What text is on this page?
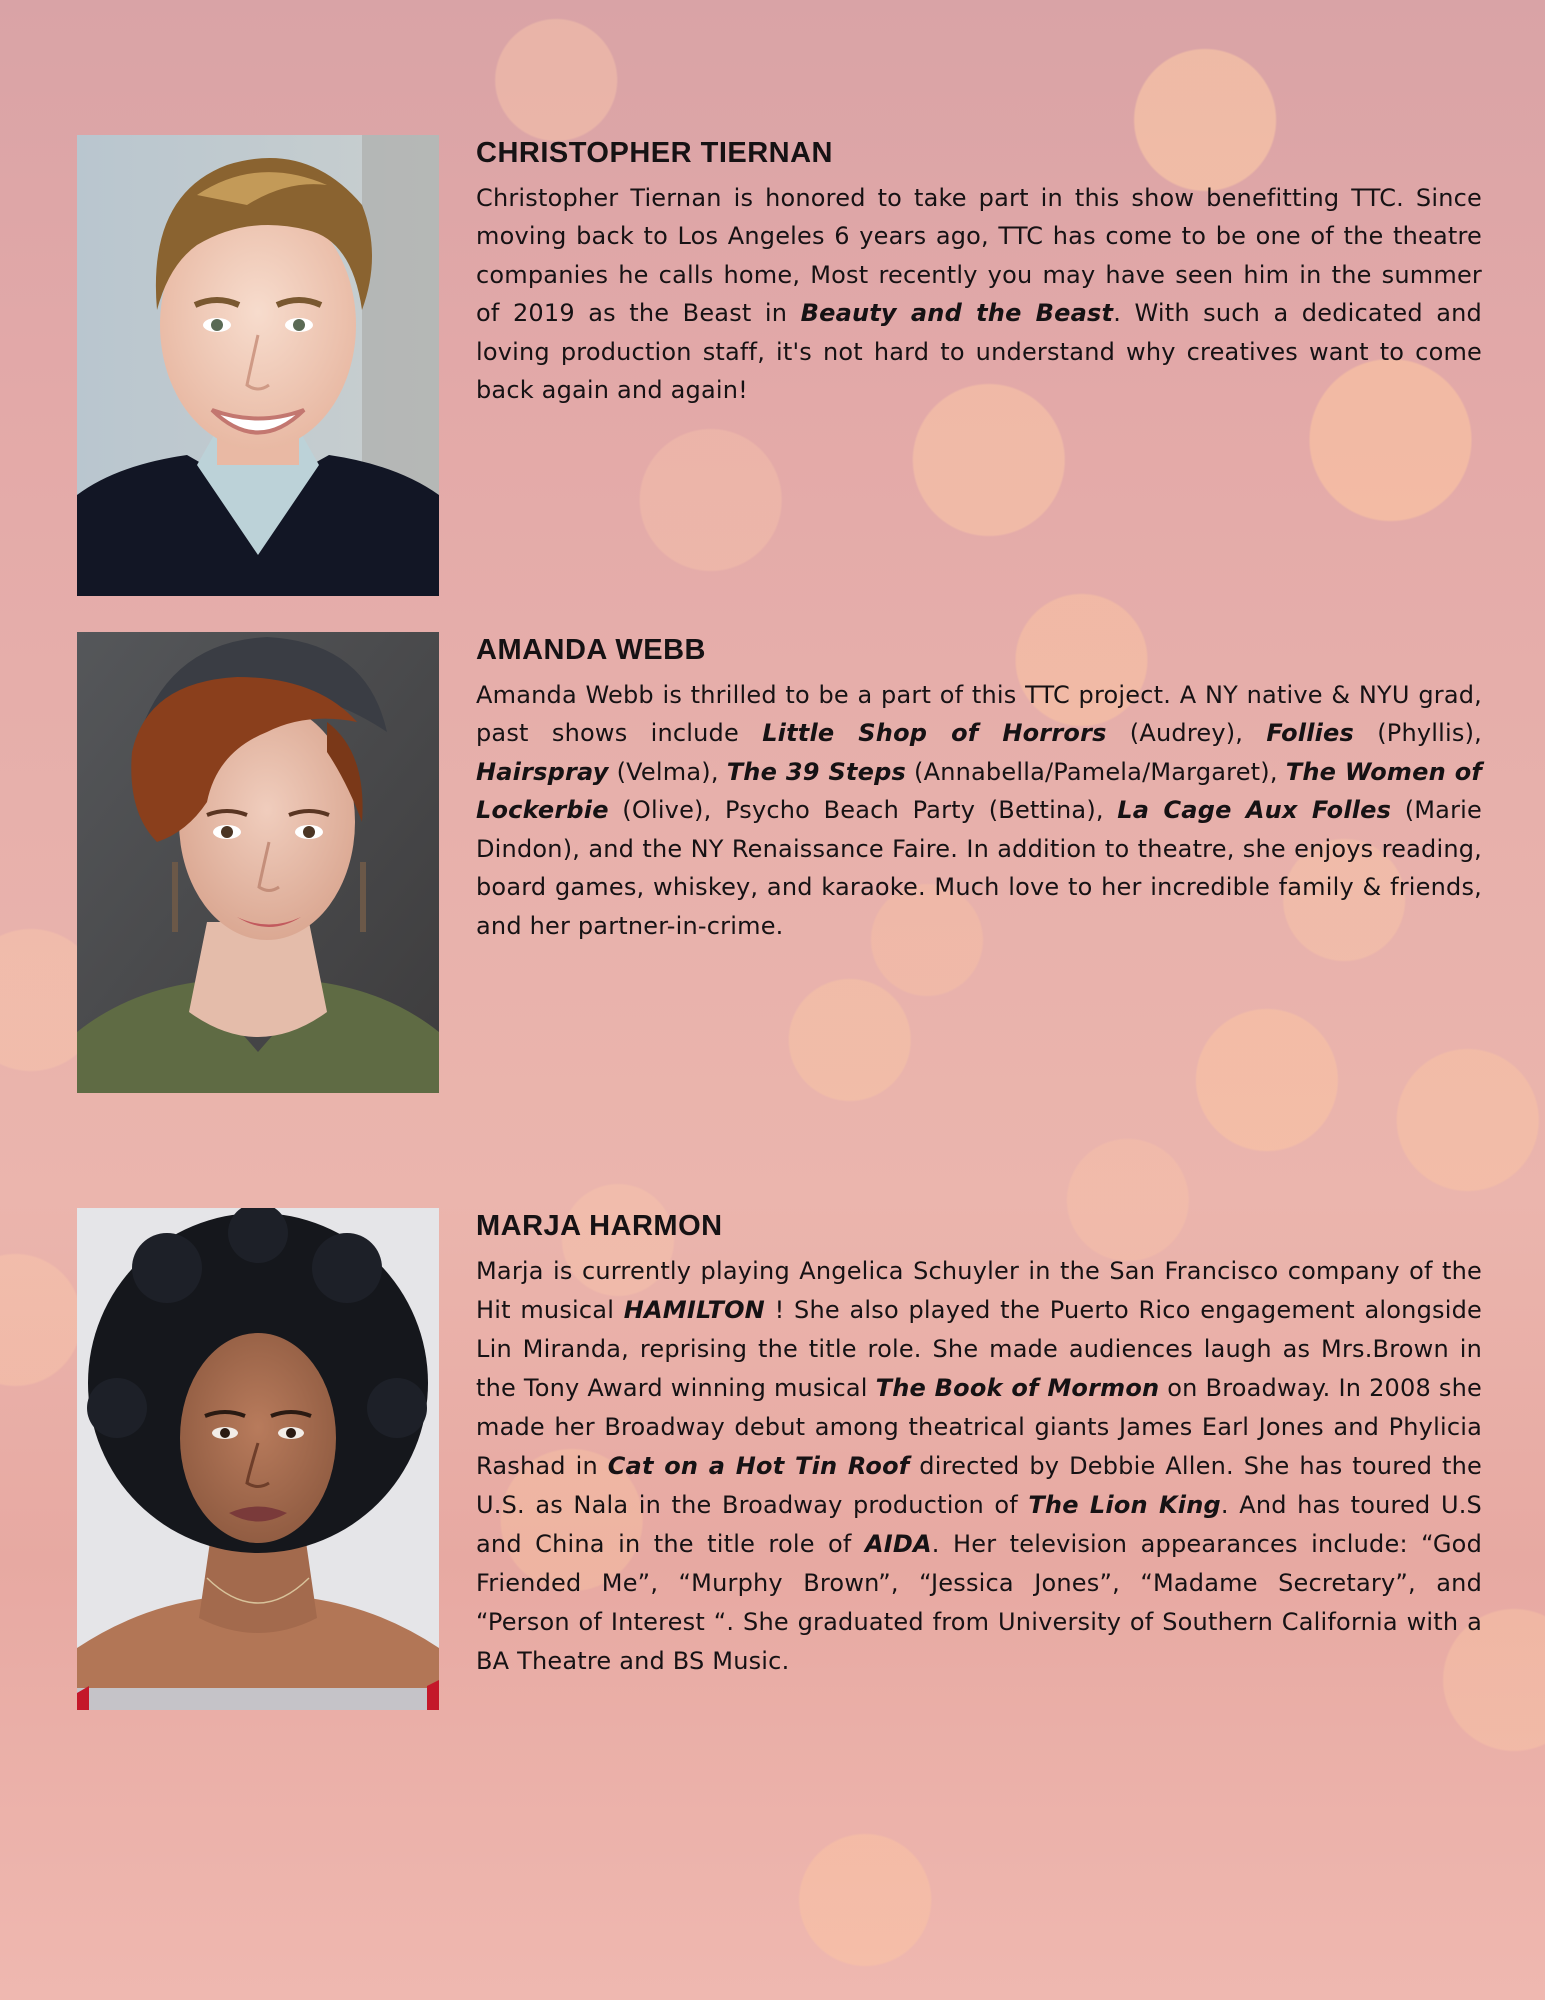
CHRISTOPHER TIERNAN

Christopher Tiernan is honored to take part in this show benefitting TTC. Since moving back to Los Angeles 6 years ago, TTC has come to be one of the theatre companies he calls home, Most recently you may have seen him in the summer of 2019 as the Beast in Beauty and the Beast. With such a dedicated and loving production staff, it's not hard to understand why creatives want to come back again and again!

AMANDA WEBB

Amanda Webb is thrilled to be a part of this TTC project. A NY native & NYU grad, past shows include Little Shop of Horrors (Audrey), Follies (Phyllis), Hairspray (Velma), The 39 Steps (Annabella/Pamela/Margaret), The Women of Lockerbie (Olive), Psycho Beach Party (Bettina), La Cage Aux Folles (Marie Dindon), and the NY Renaissance Faire. In addition to theatre, she enjoys reading, board games, whiskey, and karaoke. Much love to her incredible family & friends, and her partner-in-crime.

MARJA HARMON

Marja is currently playing Angelica Schuyler in the San Francisco company of the Hit musical HAMILTON ! She also played the Puerto Rico engagement alongside Lin Miranda, reprising the title role. She made audiences laugh as Mrs.Brown in the Tony Award winning musical The Book of Mormon on Broadway. In 2008 she made her Broadway debut among theatrical giants James Earl Jones and Phylicia Rashad in Cat on a Hot Tin Roof directed by Debbie Allen. She has toured the U.S. as Nala in the Broadway production of The Lion King. And has toured U.S and China in the title role of AIDA. Her television appearances include: “God Friended Me”, “Murphy Brown”, “Jessica Jones”, “Madame Secretary”, and “Person of Interest “. She graduated from University of Southern California with a BA Theatre and BS Music.
